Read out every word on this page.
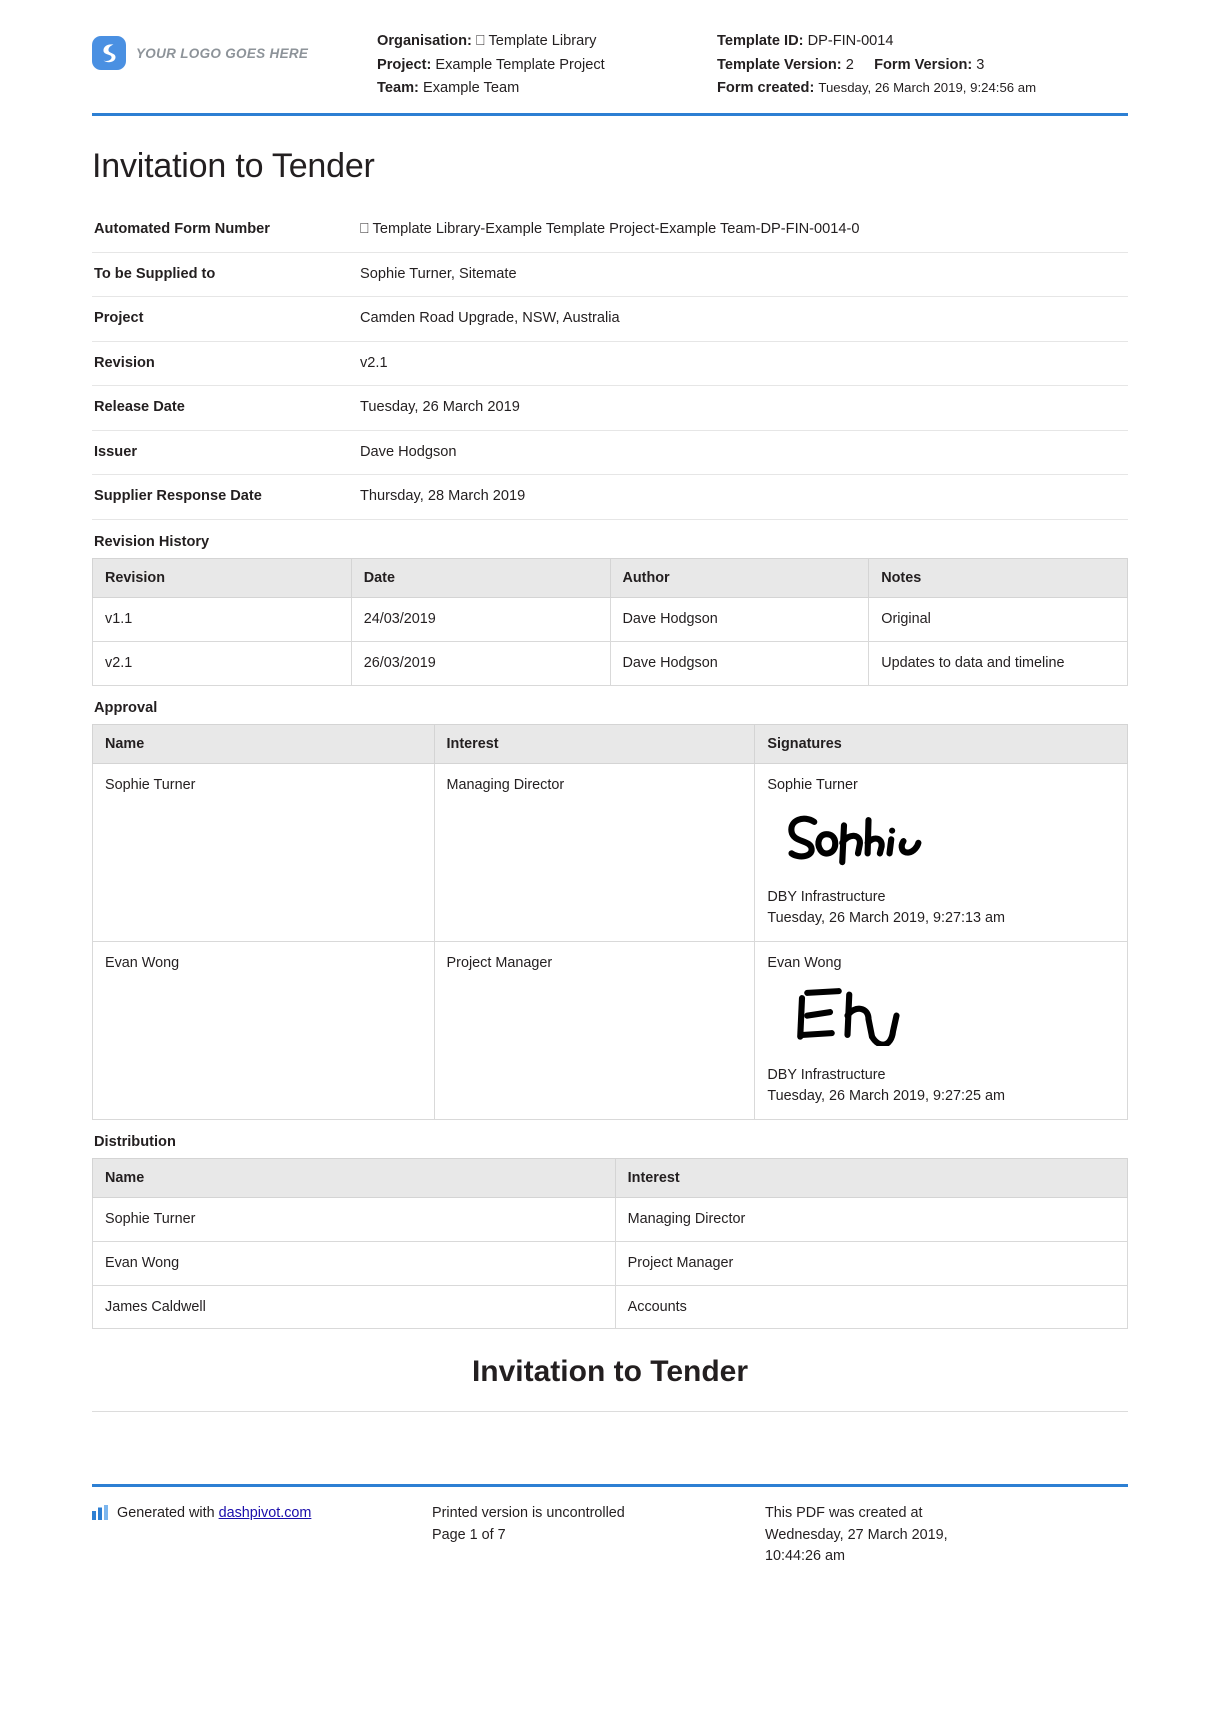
YOUR LOGO GOES HERE
Organisation: ⎕ Template Library
Project: Example Template Project
Team: Example Team
Template ID: DP-FIN-0014
Template Version: 2 Form Version: 3
Form created: Tuesday, 26 March 2019, 9:24:56 am
Invitation to Tender
Automated Form Number	⎕ Template Library-Example Template Project-Example Team-DP-FIN-0014-0
To be Supplied to	Sophie Turner, Sitemate
Project	Camden Road Upgrade, NSW, Australia
Revision	v2.1
Release Date	Tuesday, 26 March 2019
Issuer	Dave Hodgson
Supplier Response Date	Thursday, 28 March 2019
Revision History
Revision	Date	Author	Notes
v1.1	24/03/2019	Dave Hodgson	Original
v2.1	26/03/2019	Dave Hodgson	Updates to data and timeline
Approval
Name	Interest	Signatures
Sophie Turner	Managing Director	Sophie Turner
DBY Infrastructure
Tuesday, 26 March 2019, 9:27:13 am

Evan Wong	Project Manager	Evan Wong
DBY Infrastructure
Tuesday, 26 March 2019, 9:27:25 am
Distribution
Name	Interest
Sophie Turner	Managing Director
Evan Wong	Project Manager
James Caldwell	Accounts
Invitation to Tender
Generated with dashpivot.com	Printed version is uncontrolled
Page 1 of 7
This PDF was created at
Wednesday, 27 March 2019,
10:44:26 am
